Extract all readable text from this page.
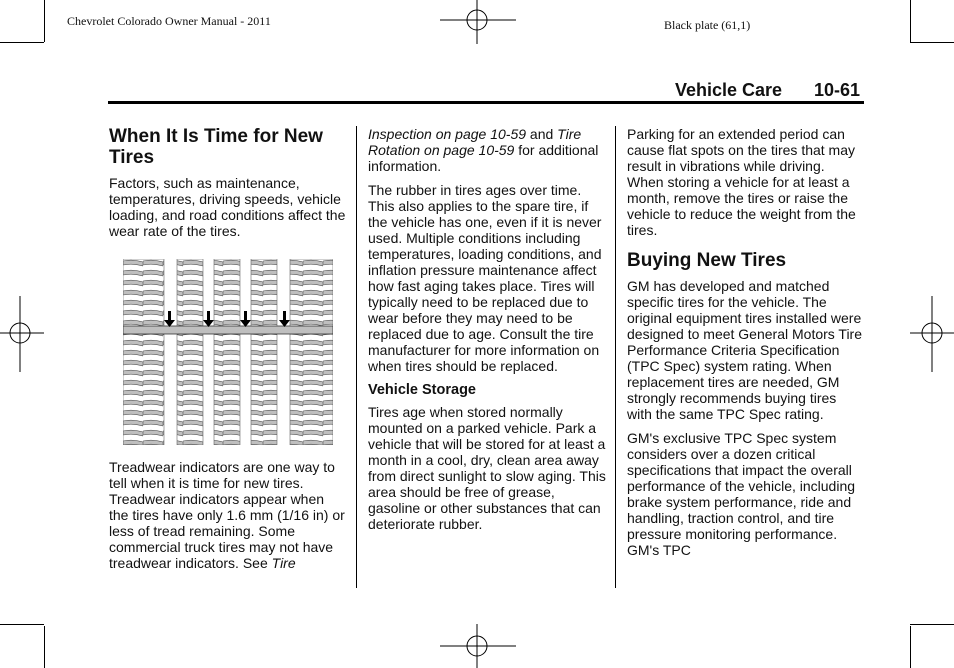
Chevrolet Colorado Owner Manual - 2011	Black plate (61,1)
Vehicle Care 10-61
When It Is Time for New Tires

Factors, such as maintenance, temperatures, driving speeds, vehicle loading, and road conditions affect the wear rate of the tires.

Treadwear indicators are one way to tell when it is time for new tires. Treadwear indicators appear when the tires have only 1.6 mm (1/16 in) or less of tread remaining. Some commercial truck tires may not have treadwear indicators. See Tire

Inspection on page 10-59 and Tire Rotation on page 10-59 for additional information.

The rubber in tires ages over time. This also applies to the spare tire, if the vehicle has one, even if it is never used. Multiple conditions including temperatures, loading conditions, and inflation pressure maintenance affect how fast aging takes place. Tires will typically need to be replaced due to wear before they may need to be replaced due to age. Consult the tire manufacturer for more information on when tires should be replaced.

Vehicle Storage

Tires age when stored normally mounted on a parked vehicle. Park a vehicle that will be stored for at least a month in a cool, dry, clean area away from direct sunlight to slow aging. This area should be free of grease, gasoline or other substances that can deteriorate rubber.

Parking for an extended period can cause flat spots on the tires that may result in vibrations while driving. When storing a vehicle for at least a month, remove the tires or raise the vehicle to reduce the weight from the tires.

Buying New Tires

GM has developed and matched specific tires for the vehicle. The original equipment tires installed were designed to meet General Motors Tire Performance Criteria Specification (TPC Spec) system rating. When replacement tires are needed, GM strongly recommends buying tires with the same TPC Spec rating.

GM's exclusive TPC Spec system considers over a dozen critical specifications that impact the overall performance of the vehicle, including brake system performance, ride and handling, traction control, and tire pressure monitoring performance. GM's TPC
